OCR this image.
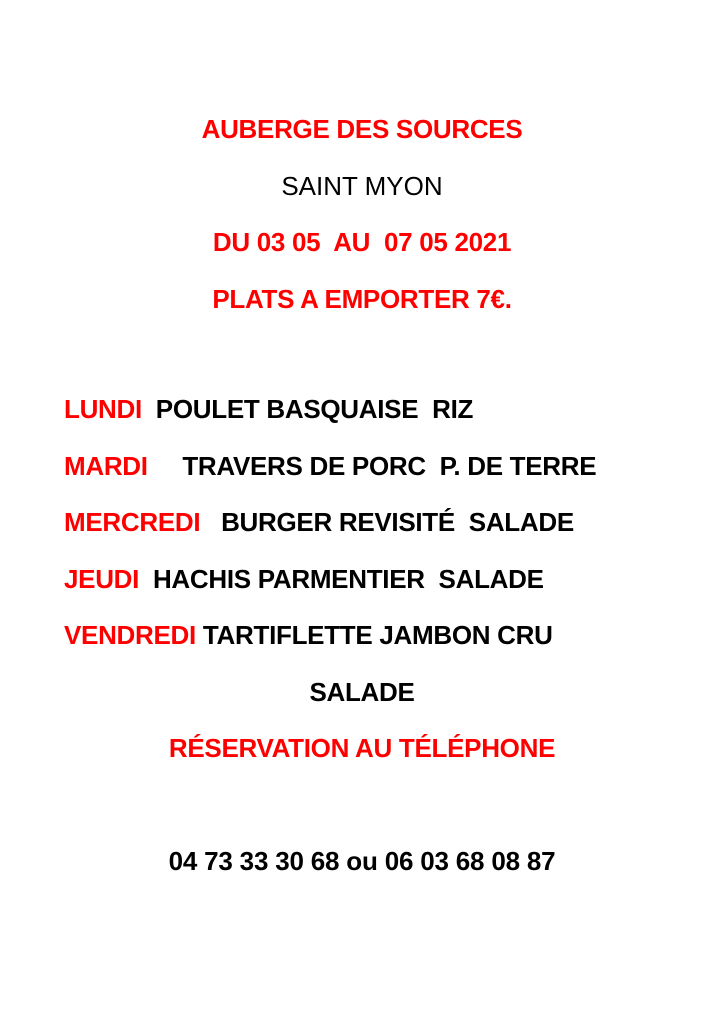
AUBERGE DES SOURCES
SAINT MYON
DU 03 05  AU  07 05 2021
PLATS A EMPORTER 7€.
LUNDI POULET BASQUAISE  RIZ
MARDI TRAVERS DE PORC  P. DE TERRE
MERCREDI BURGER REVISITÉ  SALADE
JEUDI HACHIS PARMENTIER  SALADE
VENDREDI TARTIFLETTE JAMBON CRU
SALADE
RÉSERVATION AU TÉLÉPHONE
04 73 33 30 68 ou 06 03 68 08 87
